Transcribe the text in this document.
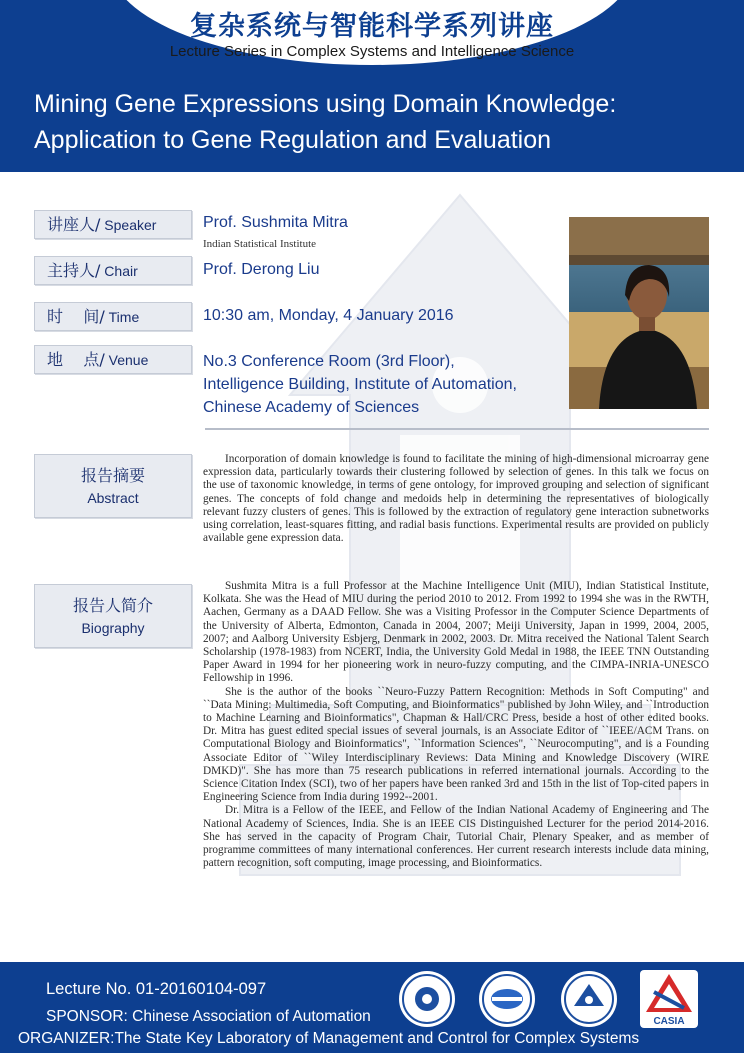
复杂系统与智能科学系列讲座
Lecture Series in Complex Systems and Intelligence Science
Mining Gene Expressions using Domain Knowledge:
Application to Gene Regulation and Evaluation
讲座人/ Speaker	Prof. Sushmita Mitra
Indian Statistical Institute
主持人/ Chair	Prof. Derong Liu
时    间/ Time	10:30 am, Monday, 4 January 2016
地    点/ Venue	No.3 Conference Room (3rd Floor),
Intelligence Building, Institute of Automation,
Chinese Academy of Sciences
报告摘要
Abstract

Incorporation of domain knowledge is found to facilitate the mining of high-dimensional microarray gene expression data, particularly towards their clustering followed by selection of genes. In this talk we focus on the use of taxonomic knowledge, in terms of gene ontology, for improved grouping and selection of significant genes. The concepts of fold change and medoids help in determining the representatives of biologically relevant fuzzy clusters of genes. This is followed by the extraction of regulatory gene interaction subnetworks using correlation, least-squares fitting, and radial basis functions. Experimental results are provided on publicly available gene expression data.

报告人简介
Biography

Sushmita Mitra is a full Professor at the Machine Intelligence Unit (MIU), Indian Statistical Institute, Kolkata. She was the Head of MIU during the period 2010 to 2012. From 1992 to 1994 she was in the RWTH, Aachen, Germany as a DAAD Fellow. She was a Visiting Professor in the Computer Science Departments of the University of Alberta, Edmonton, Canada in 2004, 2007; Meiji University, Japan in 1999, 2004, 2005, 2007; and Aalborg University Esbjerg, Denmark in 2002, 2003. Dr. Mitra received the National Talent Search Scholarship (1978-1983) from NCERT, India, the University Gold Medal in 1988, the IEEE TNN Outstanding Paper Award in 1994 for her pioneering work in neuro-fuzzy computing, and the CIMPA-INRIA-UNESCO Fellowship in 1996.

She is the author of the books ``Neuro-Fuzzy Pattern Recognition: Methods in Soft Computing" and ``Data Mining: Multimedia, Soft Computing, and Bioinformatics" published by John Wiley, and ``Introduction to Machine Learning and Bioinformatics", Chapman & Hall/CRC Press, beside a host of other edited books. Dr. Mitra has guest edited special issues of several journals, is an Associate Editor of ``IEEE/ACM Trans. on Computational Biology and Bioinformatics", ``Information Sciences", ``Neurocomputing", and is a Founding Associate Editor of ``Wiley Interdisciplinary Reviews: Data Mining and Knowledge Discovery (WIRE DMKD)". She has more than 75 research publications in referred international journals. According to the Science Citation Index (SCI), two of her papers have been ranked 3rd and 15th in the list of Top-cited papers in Engineering Science from India during 1992--2001.

Dr. Mitra is a Fellow of the IEEE, and Fellow of the Indian National Academy of Engineering and The National Academy of Sciences, India. She is an IEEE CIS Distinguished Lecturer for the period 2014-2016. She has served in the capacity of Program Chair, Tutorial Chair, Plenary Speaker, and as member of programme committees of many international conferences. Her current research interests include data mining, pattern recognition, soft computing, image processing, and Bioinformatics.

Lecture No. 01-20160104-097
SPONSOR: Chinese Association of Automation
ORGANIZER:The State Key Laboratory of Management and Control for Complex Systems
CASIA
